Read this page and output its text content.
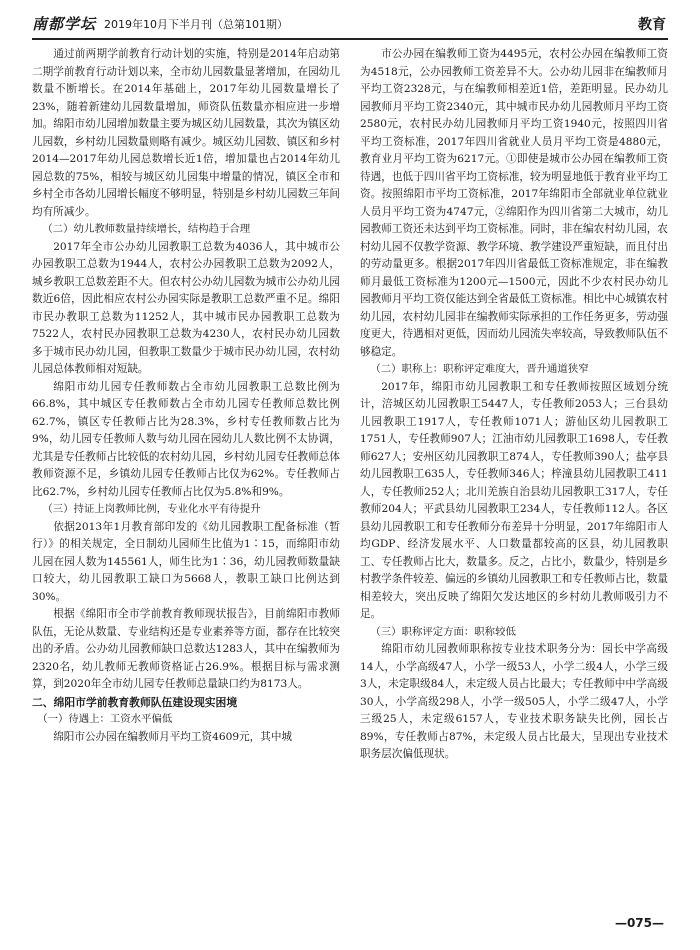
南都学坛 2019年10月下半月刊（总第101期）	教育

通过前两期学前教育行动计划的实施，特别是2014年启动第二期学前教育行动计划以来，全市幼儿园数量显著增加，在园幼儿数量不断增长。在2014年基础上，2017年幼儿园数量增长了23%，随着新建幼儿园数量增加，师资队伍数量亦相应进一步增加。绵阳市幼儿园增加数量主要为城区幼儿园数量，其次为镇区幼儿园数，乡村幼儿园数量则略有减少。城区幼儿园数、镇区和乡村2014—2017年幼儿园总数增长近1倍，增加量也占2014年幼儿园总数的75%，相较与城区幼儿园集中增量的情况，镇区全市和乡村全市各幼儿园增长幅度不够明显，特别是乡村幼儿园数三年间均有所减少。

（二）幼儿教师数量持续增长，结构趋于合理

2017年全市公办幼儿园教职工总数为4036人，其中城市公办园教职工总数为1944人，农村公办园教职工总数为2092人，城乡教职工总数差距不大。但农村公办幼儿园数为城市公办幼儿园数近6倍，因此相应农村公办园实际是教职工总数严重不足。绵阳市民办教职工总数为11252人，其中城市民办园教职工总数为7522人，农村民办园教职工总数为4230人，农村民办幼儿园数多于城市民办幼儿园，但教职工数量少于城市民办幼儿园，农村幼儿园总体教师相对短缺。

绵阳市幼儿园专任教师数占全市幼儿园教职工总数比例为66.8%，其中城区专任教师数占全市幼儿园专任教师总数比例62.7%，镇区专任教师占比为28.3%，乡村专任教师数占比为9%，幼儿园专任教师人数与幼儿园在园幼儿人数比例不太协调，尤其是专任教师占比较低的农村幼儿园，乡村幼儿园专任教师总体教师资源不足，乡镇幼儿园专任教师占比仅为62%。专任教师占比62.7%，乡村幼儿园专任教师占比仅为5.8%和9%。

（三）持证上岗教师比例，专业化水平有待提升

依据2013年1月教育部印发的《幼儿园教职工配备标准（暂行）》的相关规定，全日制幼儿园师生比值为1∶15，而绵阳市幼儿园在园人数为145561人，师生比为1∶36，幼儿园教师数量缺口较大，幼儿园教职工缺口为5668人，教职工缺口比例达到30%。

根据《绵阳市全市学前教育教师现状报告》，目前绵阳市教师队伍，无论从数量、专业结构还是专业素养等方面，都存在比较突出的矛盾。公办幼儿园教师缺口总数达1283人，其中在编教师为2320名，幼儿教师无教师资格证占26.9%。根据目标与需求测算，到2020年全市幼儿园专任教师总量缺口约为8173人。

二、绵阳市学前教育教师队伍建设现实困境

（一）待遇上：工资水平偏低

绵阳市公办园在编教师月平均工资4609元，其中城

市公办园在编教师工资为4495元，农村公办园在编教师工资为4518元，公办园教师工资差异不大。公办幼儿园非在编教师月平均工资2328元，与在编教师相差近1倍，差距明显。民办幼儿园教师月平均工资2340元，其中城市民办幼儿园教师月平均工资2580元，农村民办幼儿园教师月平均工资1940元，按照四川省平均工资标准，2017年四川省就业人员月平均工资是4880元，教育业月平均工资为6217元。①即使是城市公办园在编教师工资待遇，也低于四川省平均工资标准，较为明显地低于教育业平均工资。按照绵阳市平均工资标准，2017年绵阳市全部就业单位就业人员月平均工资为4747元，②绵阳作为四川省第二大城市，幼儿园教师工资还未达到平均工资标准。同时，非在编农村幼儿园，农村幼儿园不仅教学资源、教学环境、教学建设严重短缺，而且付出的劳动量更多。根据2017年四川省最低工资标准规定，非在编教师月最低工资标准为1200元—1500元，因此不少农村民办幼儿园教师月平均工资仅能达到全省最低工资标准。相比中心城镇农村幼儿园，农村幼儿园非在编教师实际承担的工作任务更多，劳动强度更大，待遇相对更低，因而幼儿园流失率较高，导致教师队伍不够稳定。

（二）职称上：职称评定难度大，晋升通道狭窄

2017年，绵阳市幼儿园教职工和专任教师按照区域划分统计，涪城区幼儿园教职工5447人，专任教师2053人；三台县幼儿园教职工1917人，专任教师1071人；游仙区幼儿园教职工1751人，专任教师907人；江油市幼儿园教职工1698人，专任教师627人；安州区幼儿园教职工874人，专任教师390人；盐亭县幼儿园教职工635人，专任教师346人；梓潼县幼儿园教职工411人，专任教师252人；北川羌族自治县幼儿园教职工317人，专任教师204人；平武县幼儿园教职工234人，专任教师112人。各区县幼儿园教职工和专任教师分布差异十分明显，2017年绵阳市人均GDP、经济发展水平、人口数量都较高的区县，幼儿园教职工、专任教师占比大，数量多。反之，占比小，数量少，特别是乡村教学条件较差、偏远的乡镇幼儿园教职工和专任教师占比，数量相差较大，突出反映了绵阳欠发达地区的乡村幼儿教师吸引力不足。

（三）职称评定方面：职称较低

绵阳市幼儿园教师职称按专业技术职务分为：园长中学高级14人，小学高级47人，小学一级53人，小学二级4人，小学三级3人，未定职级84人，未定级人员占比最大；专任教师中中学高级30人，小学高级298人，小学一级505人，小学二级47人，小学三级25人，未定级6157人，专业技术职务缺失比例，园长占89%，专任教师占87%，未定级人员占比最大，呈现出专业技术职务层次偏低现状。

—075—
